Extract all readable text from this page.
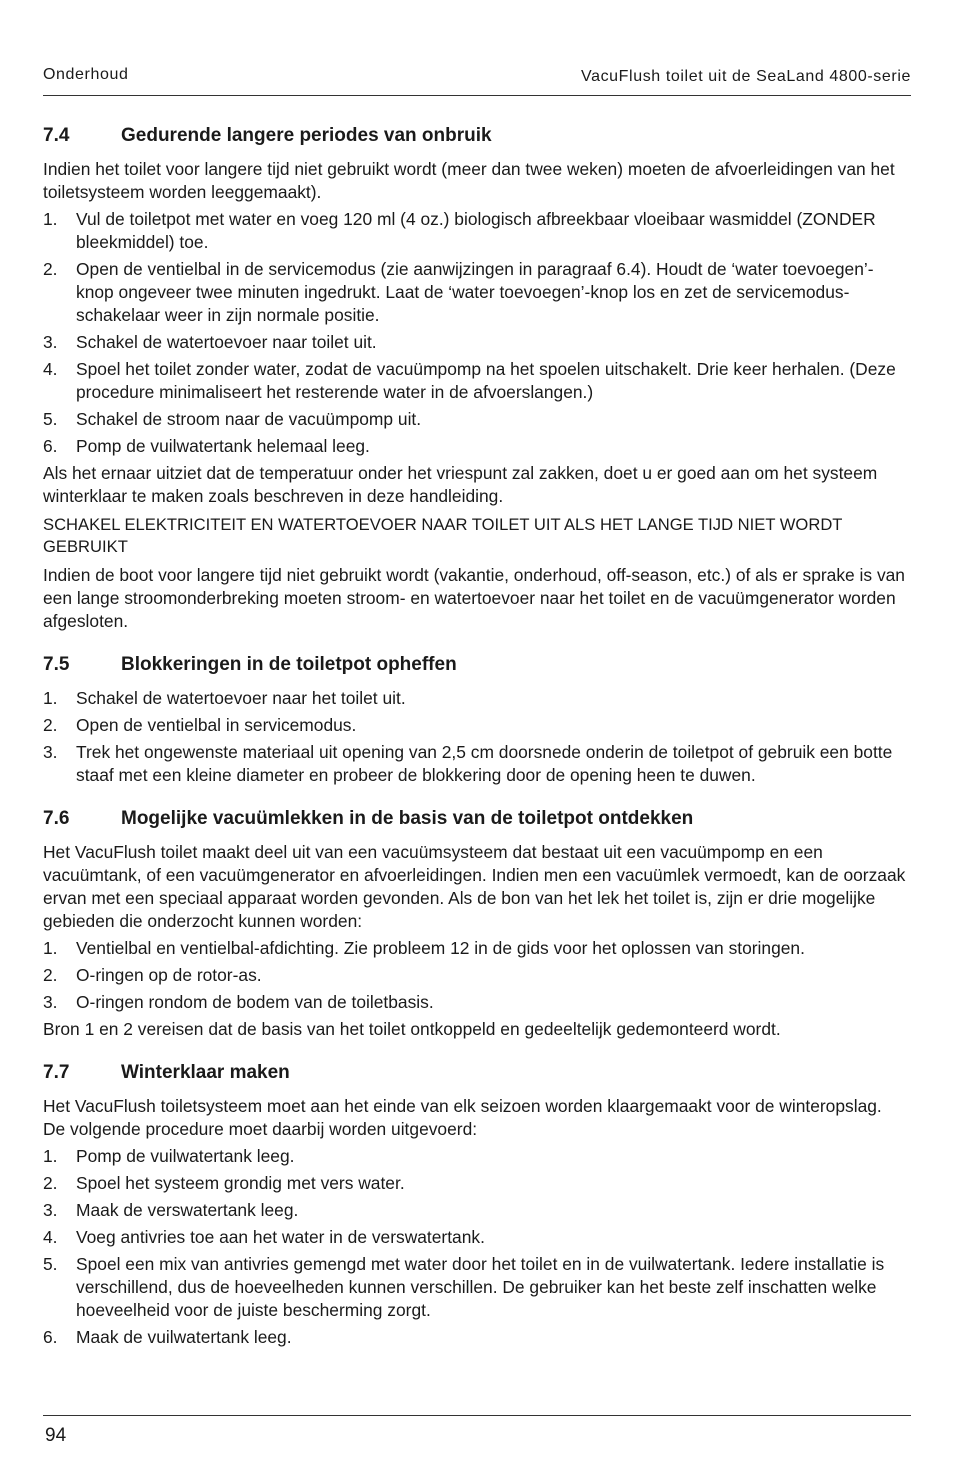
Onderhoud	VacuFlush toilet uit de SeaLand 4800-serie
7.4	Gedurende langere periodes van onbruik

Indien het toilet voor langere tijd niet gebruikt wordt (meer dan twee weken) moeten de afvoerleidingen van het toiletsysteem worden leeggemaakt).

1. Vul de toiletpot met water en voeg 120 ml (4 oz.) biologisch afbreekbaar vloeibaar wasmiddel (ZONDER bleekmiddel) toe.
2. Open de ventielbal in de servicemodus (zie aanwijzingen in paragraaf 6.4). Houdt de ‘water toevoegen’-knop ongeveer twee minuten ingedrukt. Laat de ‘water toevoegen’-knop los en zet de servicemodus-schakelaar weer in zijn normale positie.
3. Schakel de watertoevoer naar toilet uit.
4. Spoel het toilet zonder water, zodat de vacuümpomp na het spoelen uitschakelt. Drie keer herhalen. (Deze procedure minimaliseert het resterende water in de afvoerslangen.)
5. Schakel de stroom naar de vacuümpomp uit.
6. Pomp de vuilwatertank helemaal leeg.

Als het ernaar uitziet dat de temperatuur onder het vriespunt zal zakken, doet u er goed aan om het systeem winterklaar te maken zoals beschreven in deze handleiding.

SCHAKEL ELEKTRICITEIT EN WATERTOEVOER NAAR TOILET UIT ALS HET LANGE TIJD NIET WORDT GEBRUIKT

Indien de boot voor langere tijd niet gebruikt wordt (vakantie, onderhoud, off-season, etc.) of als er sprake is van een lange stroomonderbreking moeten stroom- en watertoevoer naar het toilet en de vacuümgenerator worden afgesloten.

7.5	Blokkeringen in de toiletpot opheffen
1. Schakel de watertoevoer naar het toilet uit.
2. Open de ventielbal in servicemodus.
3. Trek het ongewenste materiaal uit opening van 2,5 cm doorsnede onderin de toiletpot of gebruik een botte staaf met een kleine diameter en probeer de blokkering door de opening heen te duwen.
7.6	Mogelijke vacuümlekken in de basis van de toiletpot ontdekken

Het VacuFlush toilet maakt deel uit van een vacuümsysteem dat bestaat uit een vacuümpomp en een vacuümtank, of een vacuümgenerator en afvoerleidingen. Indien men een vacuümlek vermoedt, kan de oorzaak ervan met een speciaal apparaat worden gevonden. Als de bon van het lek het toilet is, zijn er drie mogelijke gebieden die onderzocht kunnen worden:

1. Ventielbal en ventielbal-afdichting. Zie probleem 12 in de gids voor het oplossen van storingen.
2. O-ringen op de rotor-as.
3. O-ringen rondom de bodem van de toiletbasis.

Bron 1 en 2 vereisen dat de basis van het toilet ontkoppeld en gedeeltelijk gedemonteerd wordt.

7.7	Winterklaar maken

Het VacuFlush toiletsysteem moet aan het einde van elk seizoen worden klaargemaakt voor de winteropslag. De volgende procedure moet daarbij worden uitgevoerd:

1. Pomp de vuilwatertank leeg.
2. Spoel het systeem grondig met vers water.
3. Maak de verswatertank leeg.
4. Voeg antivries toe aan het water in de verswatertank.
5. Spoel een mix van antivries gemengd met water door het toilet en in de vuilwatertank. Iedere installatie is verschillend, dus de hoeveelheden kunnen verschillen. De gebruiker kan het beste zelf inschatten welke hoeveelheid voor de juiste bescherming zorgt.
6. Maak de vuilwatertank leeg.
94
